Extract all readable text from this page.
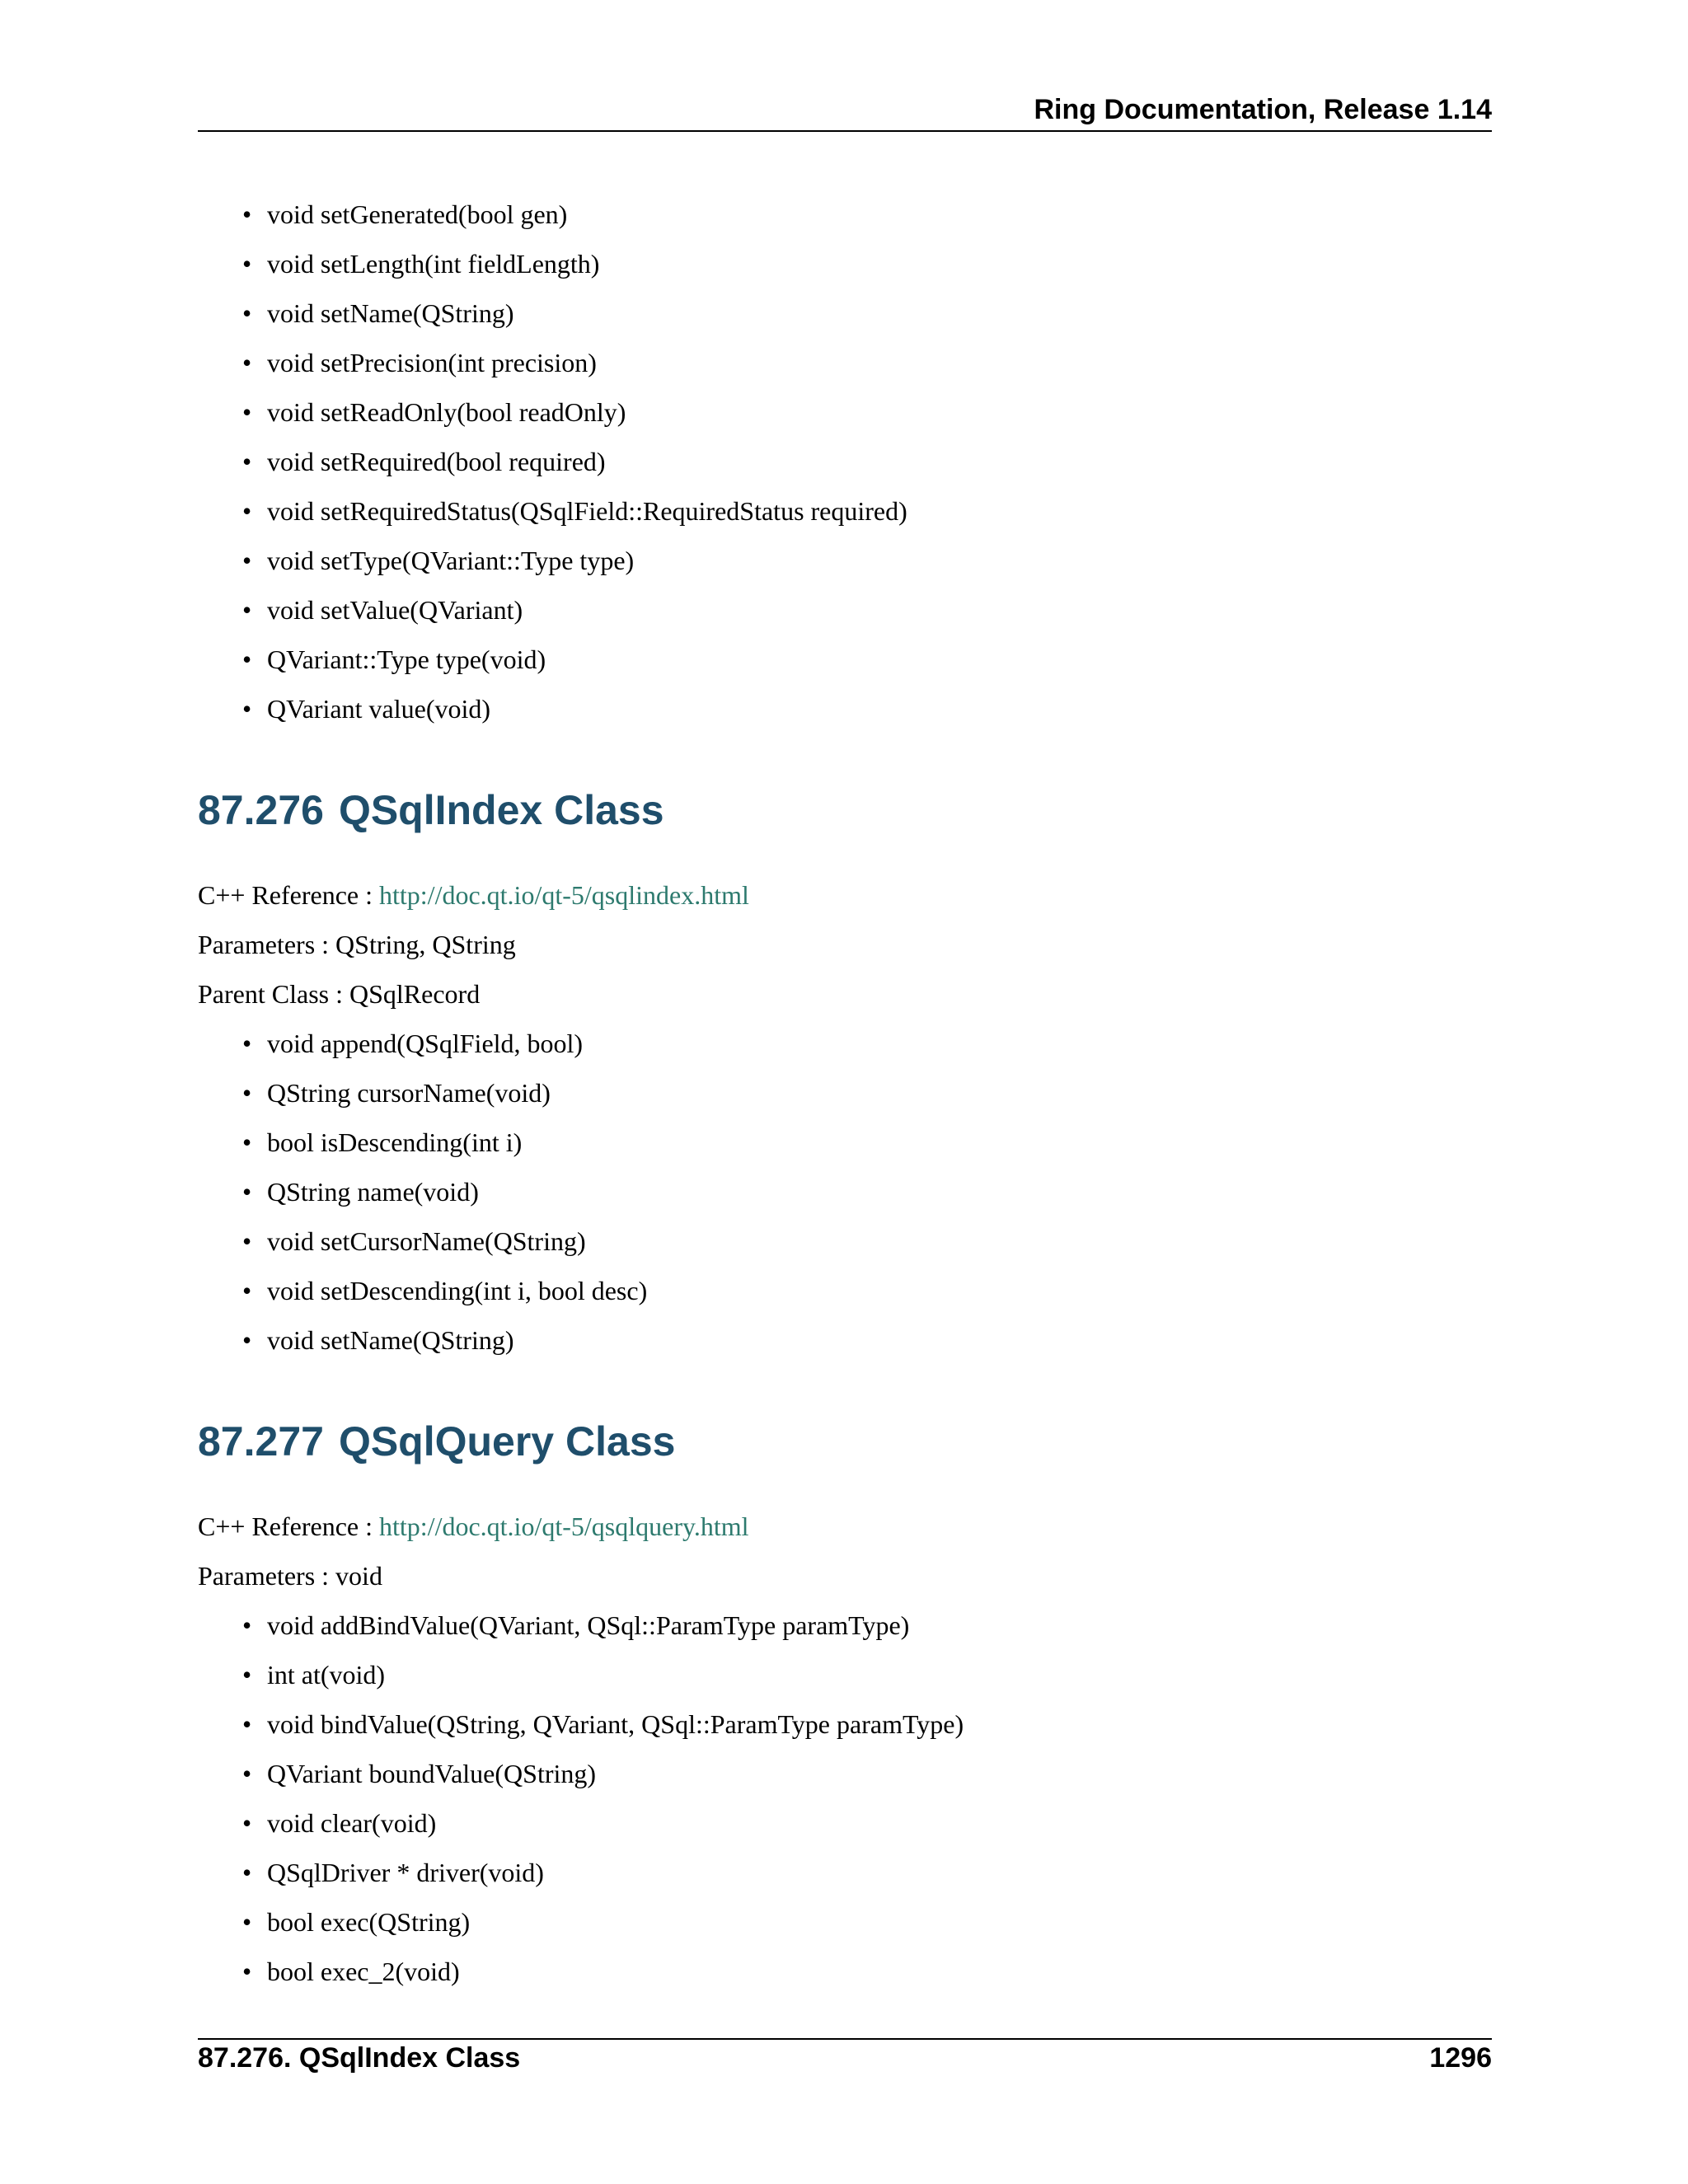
Ring Documentation, Release 1.14
• void setGenerated(bool gen)
• void setLength(int fieldLength)
• void setName(QString)
• void setPrecision(int precision)
• void setReadOnly(bool readOnly)
• void setRequired(bool required)
• void setRequiredStatus(QSqlField::RequiredStatus required)
• void setType(QVariant::Type type)
• void setValue(QVariant)
• QVariant::Type type(void)
• QVariant value(void)
87.276 QSqlIndex Class
C++ Reference : http://doc.qt.io/qt-5/qsqlindex.html
Parameters : QString, QString
Parent Class : QSqlRecord
• void append(QSqlField, bool)
• QString cursorName(void)
• bool isDescending(int i)
• QString name(void)
• void setCursorName(QString)
• void setDescending(int i, bool desc)
• void setName(QString)
87.277 QSqlQuery Class
C++ Reference : http://doc.qt.io/qt-5/qsqlquery.html
Parameters : void
• void addBindValue(QVariant, QSql::ParamType paramType)
• int at(void)
• void bindValue(QString, QVariant, QSql::ParamType paramType)
• QVariant boundValue(QString)
• void clear(void)
• QSqlDriver * driver(void)
• bool exec(QString)
• bool exec_2(void)
87.276. QSqlIndex Class	1296
